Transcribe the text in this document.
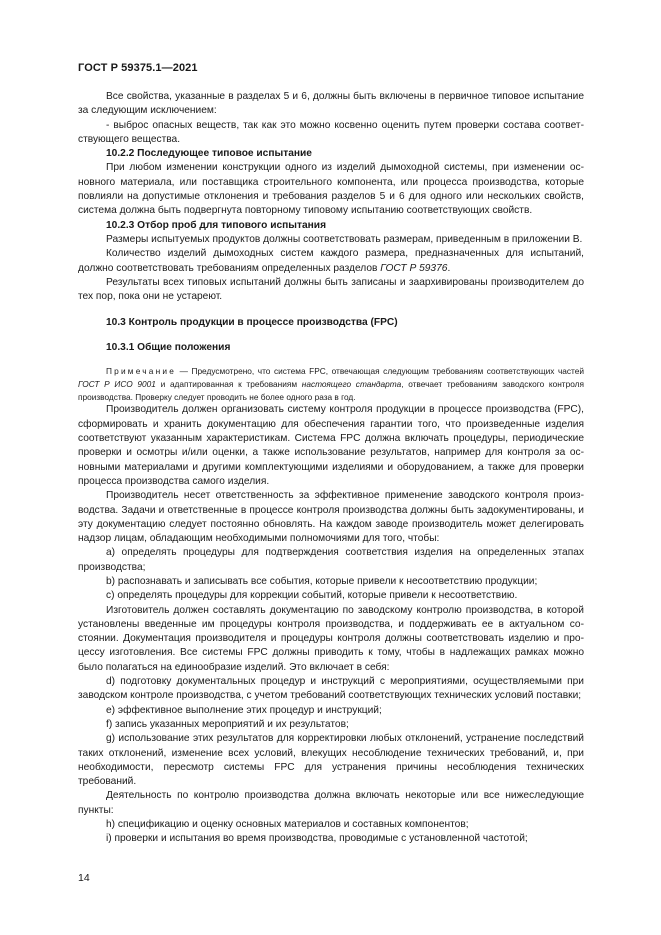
ГОСТ Р 59375.1—2021

Все свойства, указанные в разделах 5 и 6, должны быть включены в первичное типовое испытание за следующим исключением:

- выброс опасных веществ, так как это можно косвенно оценить путем проверки состава соответствующего вещества.

10.2.2 Последующее типовое испытание

При любом изменении конструкции одного из изделий дымоходной системы, при изменении основного материала, или поставщика строительного компонента, или процесса производства, которые повлияли на допустимые отклонения и требования разделов 5 и 6 для одного или нескольких свойств, система должна быть подвергнута повторному типовому испытанию соответствующих свойств.

10.2.3 Отбор проб для типового испытания

Размеры испытуемых продуктов должны соответствовать размерам, приведенным в приложении В.

Количество изделий дымоходных систем каждого размера, предназначенных для испытаний, должно соответствовать требованиям определенных разделов ГОСТ Р 59376.

Результаты всех типовых испытаний должны быть записаны и заархивированы производителем до тех пор, пока они не устареют.

10.3 Контроль продукции в процессе производства (FPC)

10.3.1 Общие положения

Примечание — Предусмотрено, что система FPC, отвечающая следующим требованиям соответствующих частей ГОСТ Р ИСО 9001 и адаптированная к требованиям настоящего стандарта, отвечает требованиям заводского контроля производства. Проверку следует проводить не более одного раза в год.

Производитель должен организовать систему контроля продукции в процессе производства (FPC), сформировать и хранить документацию для обеспечения гарантии того, что произведенные изделия соответствуют указанным характеристикам. Система FPC должна включать процедуры, периодические проверки и осмотры и/или оценки, а также использование результатов, например для контроля за основными материалами и другими комплектующими изделиями и оборудованием, а также для проверки процесса производства самого изделия.

Производитель несет ответственность за эффективное применение заводского контроля производства. Задачи и ответственные в процессе контроля производства должны быть задокументированы, и эту документацию следует постоянно обновлять. На каждом заводе производитель может делегировать надзор лицам, обладающим необходимыми полномочиями для того, чтобы:

a) определять процедуры для подтверждения соответствия изделия на определенных этапах производства;

b) распознавать и записывать все события, которые привели к несоответствию продукции;

c) определять процедуры для коррекции событий, которые привели к несоответствию.

Изготовитель должен составлять документацию по заводскому контролю производства, в которой установлены введенные им процедуры контроля производства, и поддерживать ее в актуальном состоянии. Документация производителя и процедуры контроля должны соответствовать изделию и процессу изготовления. Все системы FPC должны приводить к тому, чтобы в надлежащих рамках можно было полагаться на единообразие изделий. Это включает в себя:

d) подготовку документальных процедур и инструкций с мероприятиями, осуществляемыми при заводском контроле производства, с учетом требований соответствующих технических условий поставки;

e) эффективное выполнение этих процедур и инструкций;

f) запись указанных мероприятий и их результатов;

g) использование этих результатов для корректировки любых отклонений, устранение последствий таких отклонений, изменение всех условий, влекущих несоблюдение технических требований, и, при необходимости, пересмотр системы FPC для устранения причины несоблюдения технических требований.

Деятельность по контролю производства должна включать некоторые или все нижеследующие пункты:

h) спецификацию и оценку основных материалов и составных компонентов;

i) проверки и испытания во время производства, проводимые с установленной частотой;

14
